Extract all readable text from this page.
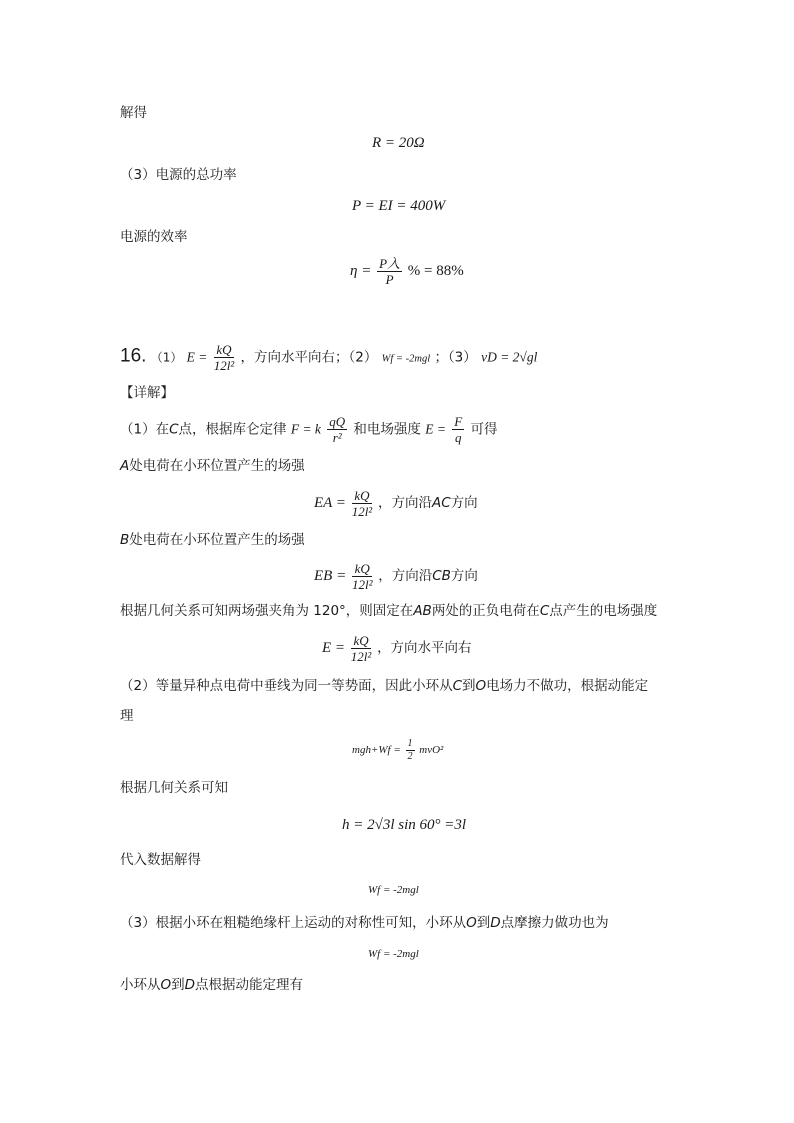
解得
R = 20Ω
（3）电源的总功率
P = EI = 400W
电源的效率
$\eta = \frac{\text{P入}}{P}$ % = 88%
16. （1） $E = \frac{kQ}{\text{12l²}}$ ，方向水平向右；（2） Wf = -2mgl ；（3） vD = 2√gl
【详解】
（1）在C点，根据库仑定律 F = k $\frac{qQ}{\text{r²}}$ 和电场强度 $E = \frac{F}{q}$ 可得
A处电荷在小环位置产生的场强
EA = $\frac{kQ}{\text{12l²}}$ ，方向沿AC方向
B处电荷在小环位置产生的场强
EB = $\frac{kQ}{\text{12l²}}$ ，方向沿CB方向
根据几何关系可知两场强夹角为 120°，则固定在AB两处的正负电荷在C点产生的电场强度
$E = \frac{kQ}{\text{12l²}}$ ，方向水平向右
（2）等量异种点电荷中垂线为同一等势面，因此小环从C到O电场力不做功，根据动能定
理
$mgh+Wf = \frac{1}{2} mvO^2$
根据几何关系可知
h = 2√3l sin 60° =3l
代入数据解得
Wf = -2mgl
（3）根据小环在粗糙绝缘杆上运动的对称性可知，小环从O到D点摩擦力做功也为
Wf = -2mgl
小环从O到D点根据动能定理有
